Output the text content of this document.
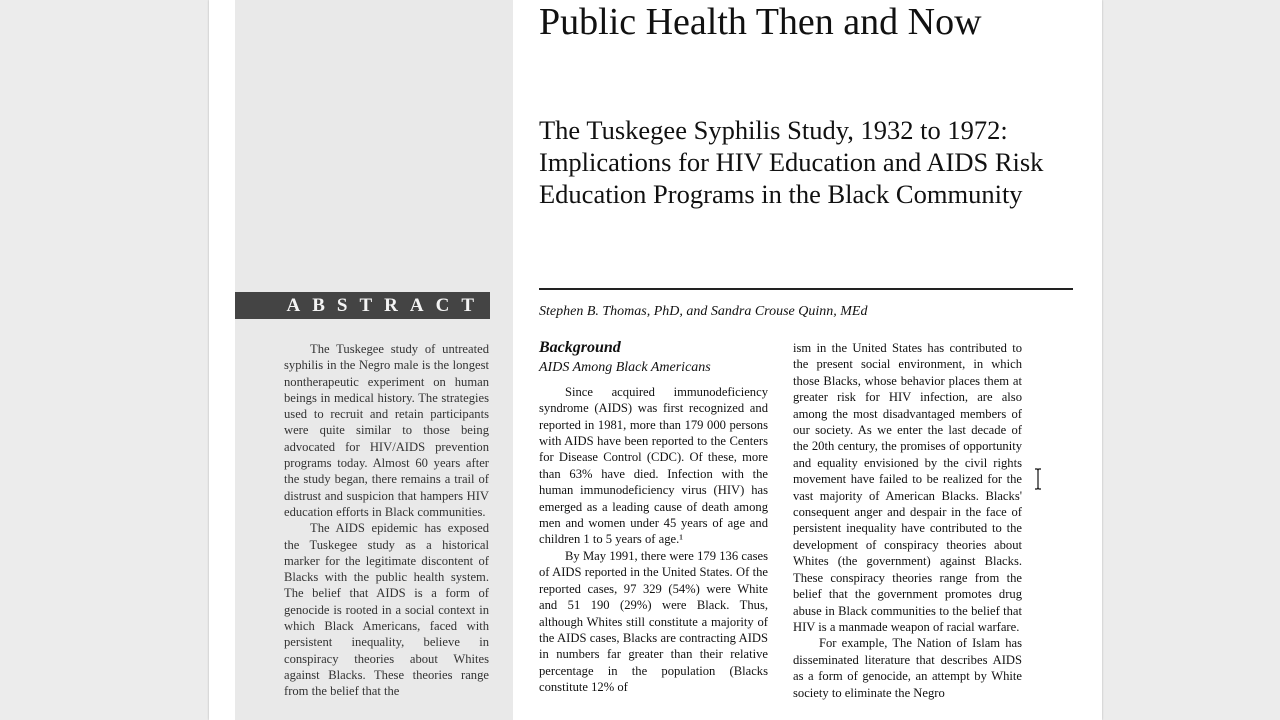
ABSTRACT

The Tuskegee study of untreated syphilis in the Negro male is the longest nontherapeutic experiment on human beings in medical history. The strategies used to recruit and retain participants were quite similar to those being advocated for HIV/AIDS prevention programs today. Almost 60 years after the study began, there remains a trail of distrust and suspicion that hampers HIV education efforts in Black communities.

The AIDS epidemic has exposed the Tuskegee study as a historical marker for the legitimate discontent of Blacks with the public health system. The belief that AIDS is a form of genocide is rooted in a social context in which Black Americans, faced with persistent inequality, believe in conspiracy theories about Whites against Blacks. These theories range from the belief that the

Public Health Then and Now
The Tuskegee Syphilis Study, 1932 to 1972: Implications for HIV Education and AIDS Risk Education Programs in the Black Community
Stephen B. Thomas, PhD, and Sandra Crouse Quinn, MEd
Background
AIDS Among Black Americans

Since acquired immunodeficiency syndrome (AIDS) was first recognized and reported in 1981, more than 179 000 persons with AIDS have been reported to the Centers for Disease Control (CDC). Of these, more than 63% have died. Infection with the human immunodeficiency virus (HIV) has emerged as a leading cause of death among men and women under 45 years of age and children 1 to 5 years of age.¹

By May 1991, there were 179 136 cases of AIDS reported in the United States. Of the reported cases, 97 329 (54%) were White and 51 190 (29%) were Black. Thus, although Whites still constitute a majority of the AIDS cases, Blacks are contracting AIDS in numbers far greater than their relative percentage in the population (Blacks constitute 12% of

ism in the United States has contributed to the present social environment, in which those Blacks, whose behavior places them at greater risk for HIV infection, are also among the most disadvantaged members of our society. As we enter the last decade of the 20th century, the promises of opportunity and equality envisioned by the civil rights movement have failed to be realized for the vast majority of American Blacks. Blacks' consequent anger and despair in the face of persistent inequality have contributed to the development of conspiracy theories about Whites (the government) against Blacks. These conspiracy theories range from the belief that the government promotes drug abuse in Black communities to the belief that HIV is a manmade weapon of racial warfare.

For example, The Nation of Islam has disseminated literature that describes AIDS as a form of genocide, an attempt by White society to eliminate the Negro
